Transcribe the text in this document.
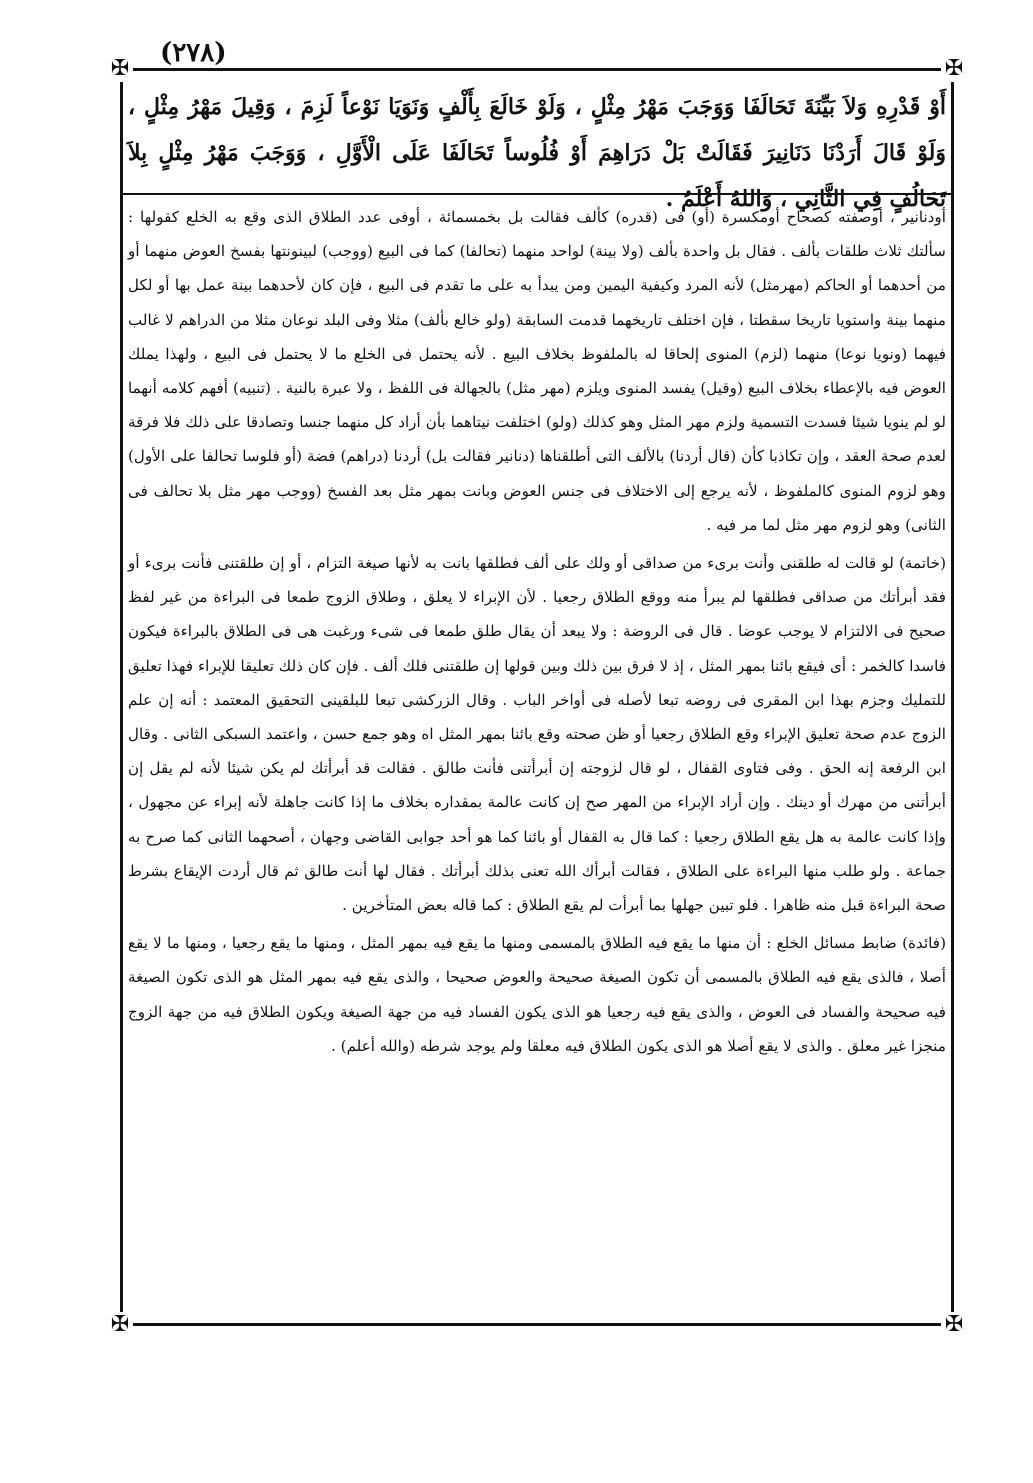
(٢٧٨)
✠	✠
✠	✠
أَوْ قَدْرِهِ وَلاَ بَيِّنَةَ تَحَالَفَا وَوَجَبَ مَهْرُ مِثْلٍ ، وَلَوْ خَالَعَ بِأَلْفٍ وَنَوَيَا نَوْعاً لَزِمَ ، وَقِيلَ مَهْرُ مِثْلٍ ، وَلَوْ قَالَ أَرَدْنَا دَنَانِيرَ فَقَالَتْ بَلْ دَرَاهِمَ أَوْ فُلُوساً تَحَالَفَا عَلَى الْأَوَّلِ ، وَوَجَبَ مَهْرُ مِثْلٍ بِلاَ تَحَالُفٍ فِي الثَّانِي ، وَاللهُ أَعْلَمُ .

أودنانير ، أوصفته كصحاح أومكسرة (أو) فى (قدره) كألف فقالت بل بخمسمائة ، أوفى عدد الطلاق الذى وقع به الخلع كقولها : سألتك ثلاث طلقات بألف . فقال بل واحدة بألف (ولا بينة) لواحد منهما (تحالفا) كما فى البيع (ووجب) لبينونتها بفسخ العوض منهما أو من أحدهما أو الحاكم (مهرمثل) لأنه المرد وكيفية اليمين ومن يبدأ به على ما تقدم فى البيع ، فإن كان لأحدهما بينة عمل بها أو لكل منهما بينة واستويا تاريخا سقطتا ، فإن اختلف تاريخهما قدمت السابقة (ولو خالع بألف) مثلا وفى البلد نوعان مثلا من الدراهم لا غالب فيهما (ونويا نوعا) منهما (لزم) المنوى إلحاقا له بالملفوظ بخلاف البيع . لأنه يحتمل فى الخلع ما لا يحتمل فى البيع ، ولهذا يملك العوض فيه بالإعطاء بخلاف البيع (وقيل) يفسد المنوى ويلزم (مهر مثل) بالجهالة فى اللفظ ، ولا عبرة بالنية . (تنبيه) أفهم كلامه أنهما لو لم ينويا شيئا فسدت التسمية ولزم مهر المثل وهو كذلك (ولو) اختلفت نيتاهما بأن أراد كل منهما جنسا وتصادقا على ذلك فلا فرقة لعدم صحة العقد ، وإن تكاذبا كأن (قال أردنا) بالألف التى أطلقناها (دنانير فقالت بل) أردنا (دراهم) فضة (أو فلوسا تحالفا على الأول) وهو لزوم المنوى كالملفوظ ، لأنه يرجع إلى الاختلاف فى جنس العوض وبانت بمهر مثل بعد الفسخ (ووجب مهر مثل بلا تحالف فى الثانى) وهو لزوم مهر مثل لما مر فيه .

(خاتمة) لو قالت له طلقنى وأنت برىء من صداقى أو ولك على ألف فطلقها بانت به لأنها صيغة التزام ، أو إن طلقتنى فأنت برىء أو فقد أبرأتك من صداقى فطلقها لم يبرأ منه ووقع الطلاق رجعيا . لأن الإبراء لا يعلق ، وطلاق الزوج طمعا فى البراءة من غير لفظ صحيح فى الالتزام لا يوجب عوضا . قال فى الروضة : ولا يبعد أن يقال طلق طمعا فى شىء ورغبت هى فى الطلاق بالبراءة فيكون فاسدا كالخمر : أى فيقع بائنا بمهر المثل ، إذ لا فرق بين ذلك وبين قولها إن طلقتنى فلك ألف . فإن كان ذلك تعليقا للإبراء فهذا تعليق للتمليك وجزم بهذا ابن المقرى فى روضه تبعا لأصله فى أواخر الباب . وقال الزركشى تبعا للبلقينى التحقيق المعتمد : أنه إن علم الزوج عدم صحة تعليق الإبراء وقع الطلاق رجعيا أو ظن صحته وقع بائنا بمهر المثل اه وهو جمع حسن ، واعتمد السبكى الثانى . وقال ابن الرفعة إنه الحق . وفى فتاوى القفال ، لو قال لزوجته إن أبرأتنى فأنت طالق . فقالت قد أبرأتك لم يكن شيئا لأنه لم يقل إن أبرأتنى من مهرك أو دينك . وإن أراد الإبراء من المهر صح إن كانت عالمة بمقداره بخلاف ما إذا كانت جاهلة لأنه إبراء عن مجهول ، وإذا كانت عالمة به هل يقع الطلاق رجعيا : كما قال به القفال أو بائنا كما هو أحد جوابى القاضى وجهان ، أصحهما الثانى كما صرح به جماعة . ولو طلب منها البراءة على الطلاق ، فقالت أبرأك الله تعنى بذلك أبرأتك . فقال لها أنت طالق ثم قال أردت الإيقاع بشرط صحة البراءة قبل منه ظاهرا . فلو تبين جهلها بما أبرأت لم يقع الطلاق : كما قاله بعض المتأخرين .

(فائدة) ضابط مسائل الخلع : أن منها ما يقع فيه الطلاق بالمسمى ومنها ما يقع فيه بمهر المثل ، ومنها ما يقع رجعيا ، ومنها ما لا يقع أصلا ، فالذى يقع فيه الطلاق بالمسمى أن تكون الصيغة صحيحة والعوض صحيحا ، والذى يقع فيه بمهر المثل هو الذى تكون الصيغة فيه صحيحة والفساد فى العوض ، والذى يقع فيه رجعيا هو الذى يكون الفساد فيه من جهة الصيغة ويكون الطلاق فيه من جهة الزوج منجزا غير معلق . والذى لا يقع أصلا هو الذى يكون الطلاق فيه معلقا ولم يوجد شرطه (والله أعلم) .
